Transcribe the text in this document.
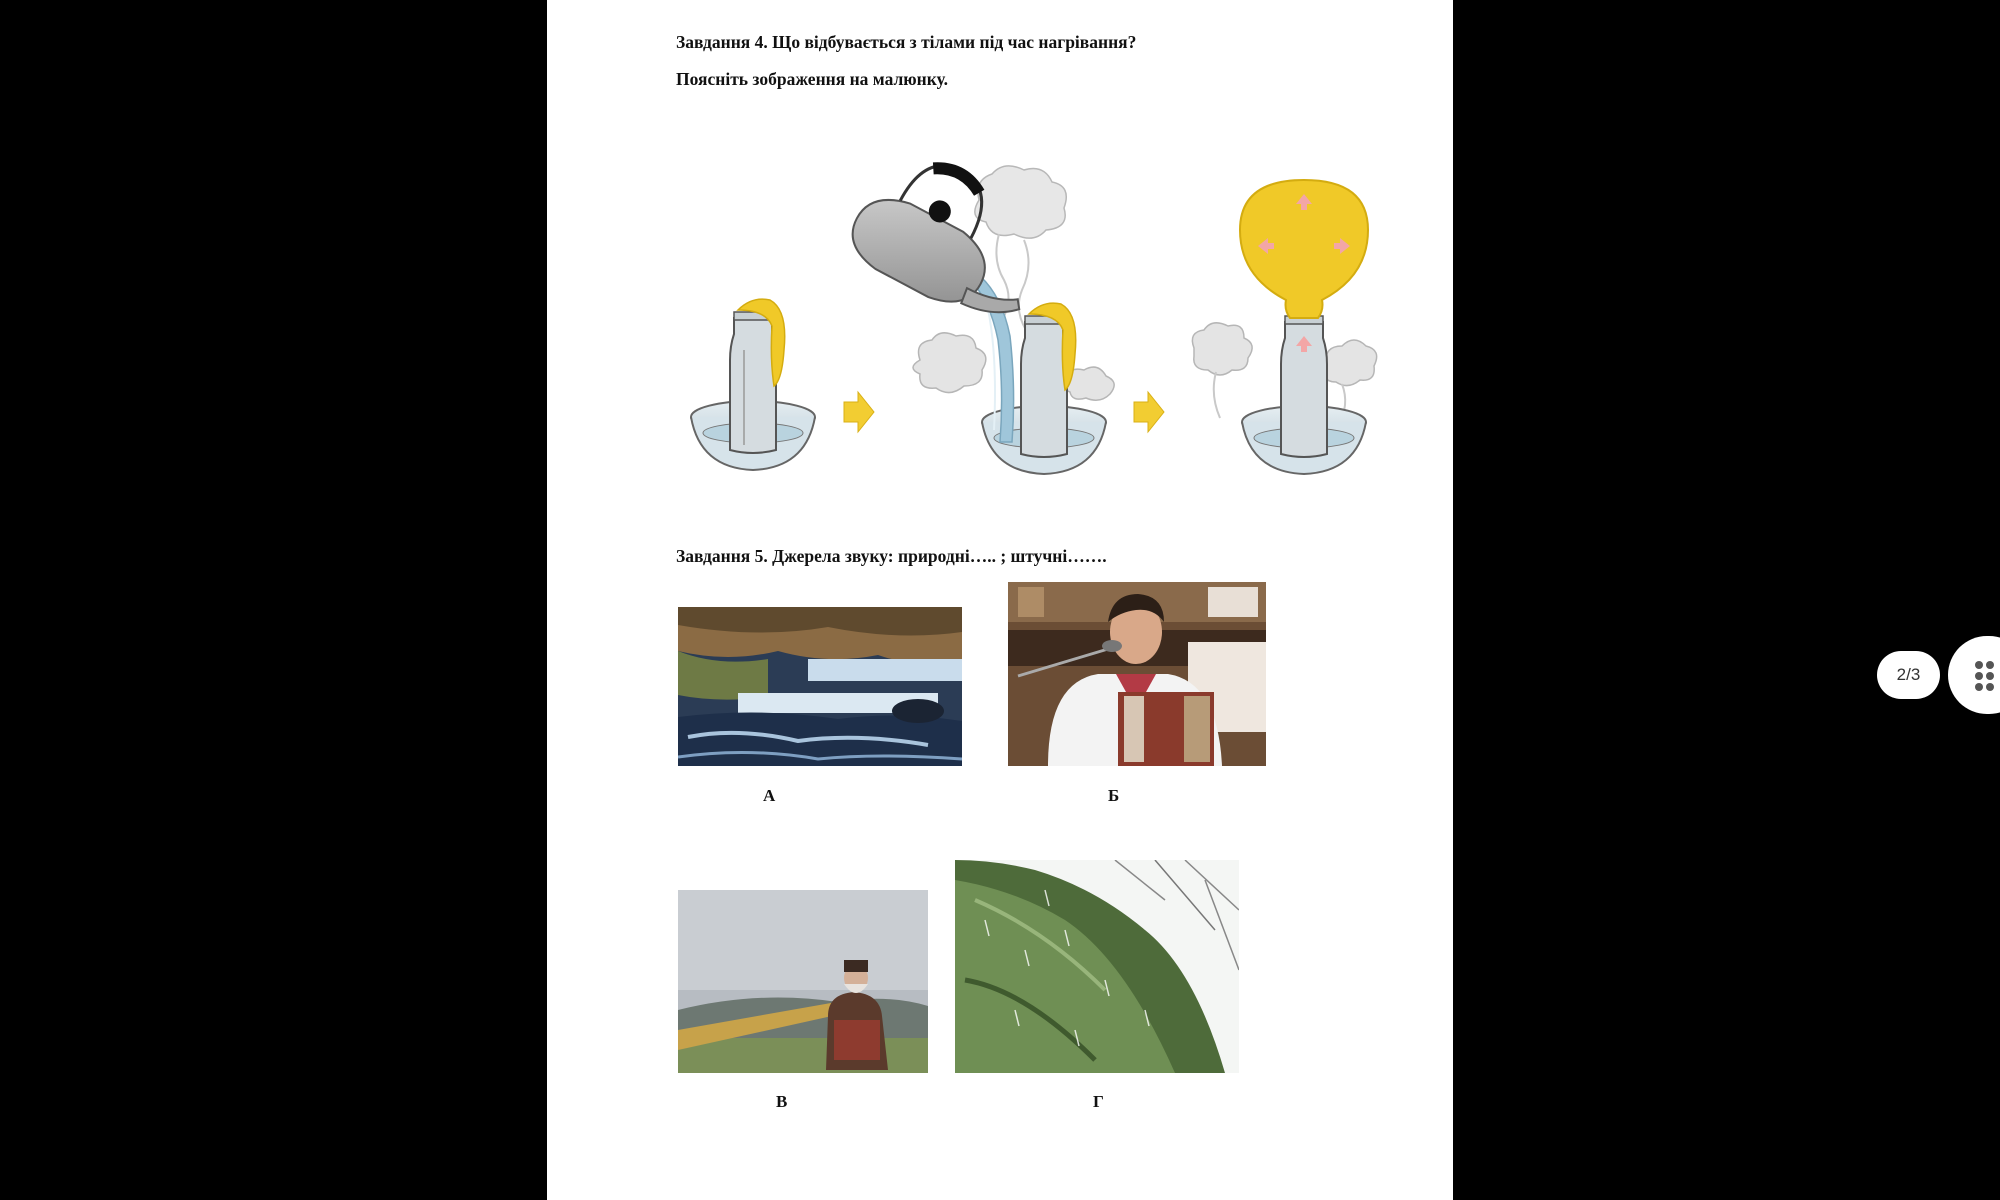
Завдання 4. Що відбувається з тілами під час нагрівання?
Поясніть зображення на малюнку.
Завдання 5. Джерела звуку: природні….. ; штучні…….
А	Б
В	Г
2/3
